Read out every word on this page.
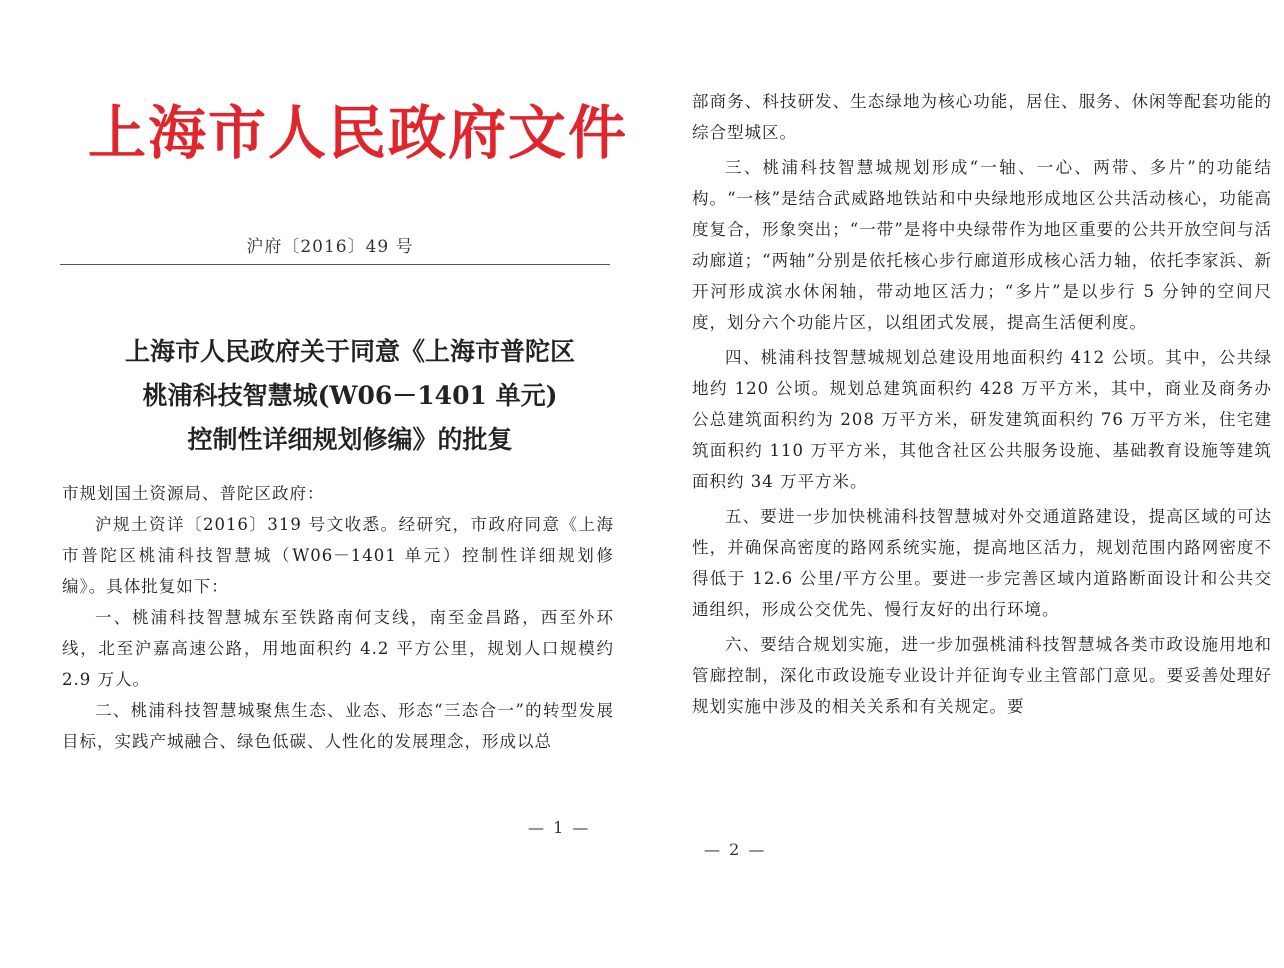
上海市人民政府文件
沪府〔2016〕49 号
上海市人民政府关于同意《上海市普陀区
桃浦科技智慧城(W06－1401 单元)
控制性详细规划修编》的批复

市规划国土资源局、普陀区政府：

沪规土资详〔2016〕319 号文收悉。经研究，市政府同意《上海市普陀区桃浦科技智慧城（W06－1401 单元）控制性详细规划修编》。具体批复如下：

一、桃浦科技智慧城东至铁路南何支线，南至金昌路，西至外环线，北至沪嘉高速公路，用地面积约 4.2 平方公里，规划人口规模约 2.9 万人。

二、桃浦科技智慧城聚焦生态、业态、形态“三态合一”的转型发展目标，实践产城融合、绿色低碳、人性化的发展理念，形成以总

— 1 —

部商务、科技研发、生态绿地为核心功能，居住、服务、休闲等配套功能的综合型城区。

三、桃浦科技智慧城规划形成“一轴、一心、两带、多片”的功能结构。“一核”是结合武威路地铁站和中央绿地形成地区公共活动核心，功能高度复合，形象突出；“一带”是将中央绿带作为地区重要的公共开放空间与活动廊道；“两轴”分别是依托核心步行廊道形成核心活力轴，依托李家浜、新开河形成滨水休闲轴，带动地区活力；“多片”是以步行 5 分钟的空间尺度，划分六个功能片区，以组团式发展，提高生活便利度。

四、桃浦科技智慧城规划总建设用地面积约 412 公顷。其中，公共绿地约 120 公顷。规划总建筑面积约 428 万平方米，其中，商业及商务办公总建筑面积约为 208 万平方米，研发建筑面积约 76 万平方米，住宅建筑面积约 110 万平方米，其他含社区公共服务设施、基础教育设施等建筑面积约 34 万平方米。

五、要进一步加快桃浦科技智慧城对外交通道路建设，提高区域的可达性，并确保高密度的路网系统实施，提高地区活力，规划范围内路网密度不得低于 12.6 公里/平方公里。要进一步完善区域内道路断面设计和公共交通组织，形成公交优先、慢行友好的出行环境。

六、要结合规划实施，进一步加强桃浦科技智慧城各类市政设施用地和管廊控制，深化市政设施专业设计并征询专业主管部门意见。要妥善处理好规划实施中涉及的相关关系和有关规定。要

— 2 —
